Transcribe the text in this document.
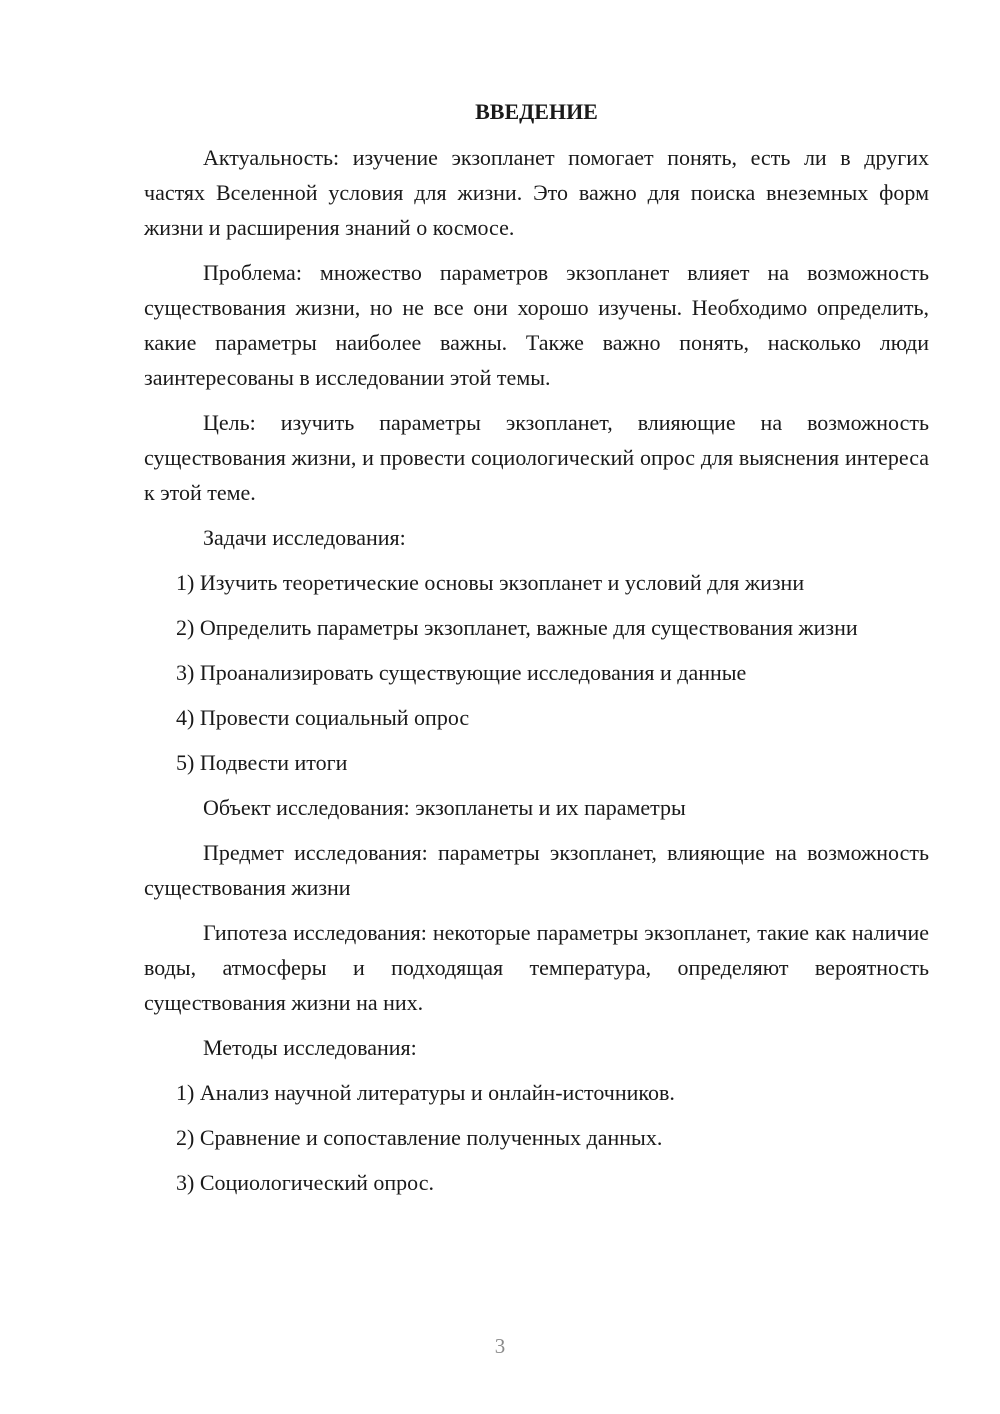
ВВЕДЕНИЕ

Актуальность: изучение экзопланет помогает понять, есть ли в других частях Вселенной условия для жизни. Это важно для поиска внеземных форм жизни и расширения знаний о космосе.

Проблема: множество параметров экзопланет влияет на возможность существования жизни, но не все они хорошо изучены. Необходимо определить, какие параметры наиболее важны. Также важно понять, насколько люди заинтересованы в исследовании этой темы.

Цель: изучить параметры экзопланет, влияющие на возможность существования жизни, и провести социологический опрос для выяснения интереса к этой теме.

Задачи исследования:

1) Изучить теоретические основы экзопланет и условий для жизни

2) Определить параметры экзопланет, важные для существования жизни

3) Проанализировать существующие исследования и данные

4) Провести социальный опрос

5) Подвести итоги

Объект исследования: экзопланеты и их параметры

Предмет исследования: параметры экзопланет, влияющие на возможность существования жизни

Гипотеза исследования: некоторые параметры экзопланет, такие как наличие воды, атмосферы и подходящая температура, определяют вероятность существования жизни на них.

Методы исследования:

1) Анализ научной литературы и онлайн-источников.

2) Сравнение и сопоставление полученных данных.

3) Социологический опрос.

3
